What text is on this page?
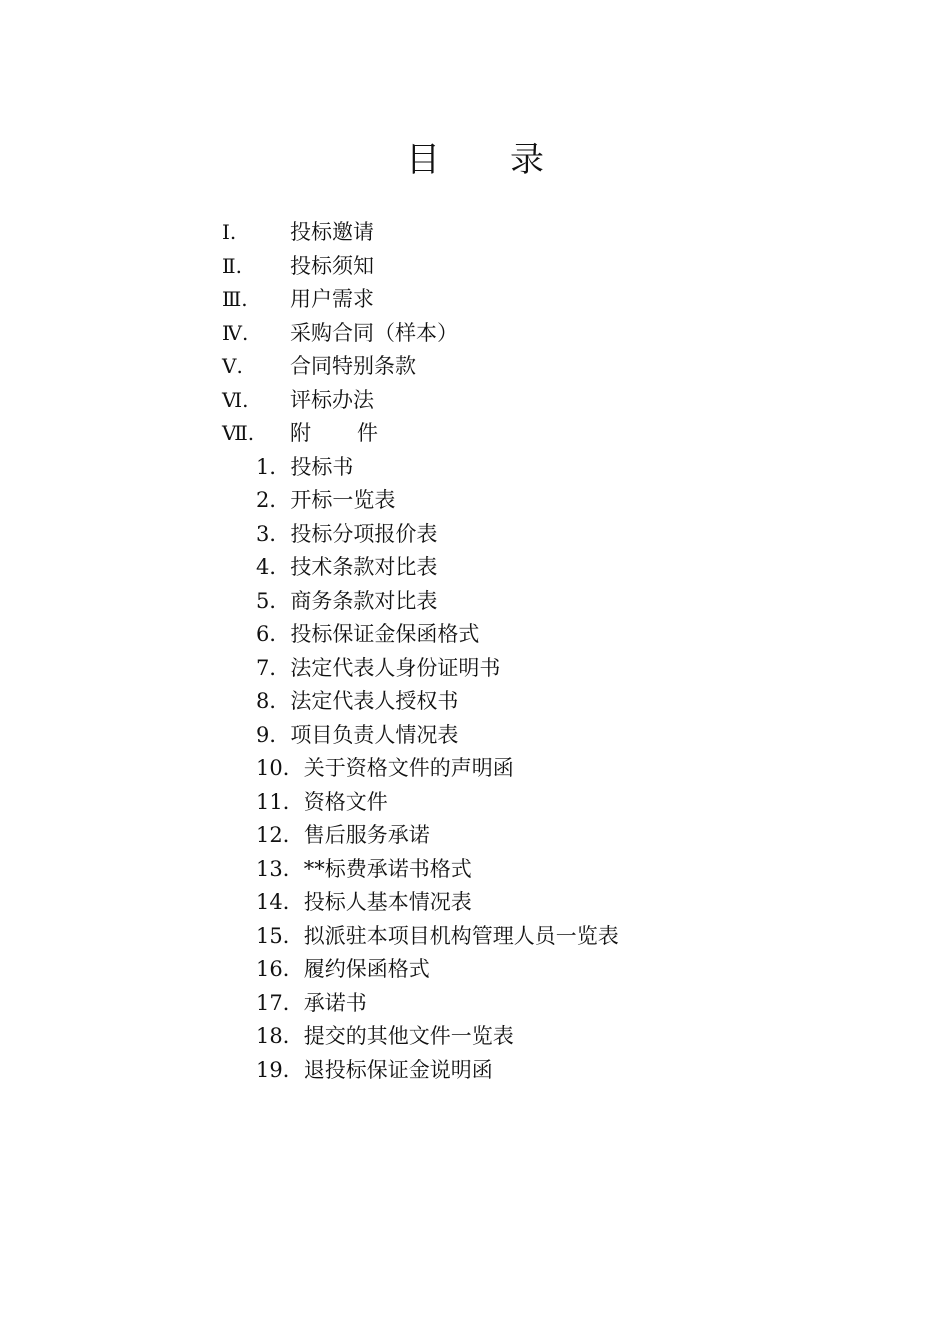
目 录
Ⅰ.	投标邀请
Ⅱ.	投标须知
Ⅲ.	用户需求
Ⅳ.	采购合同（样本）
Ⅴ.	合同特别条款
Ⅵ.	评标办法
Ⅶ.	附 件
1．投标书
2．开标一览表
3．投标分项报价表
4．技术条款对比表
5．商务条款对比表
6．投标保证金保函格式
7．法定代表人身份证明书
8．法定代表人授权书
9．项目负责人情况表
10．关于资格文件的声明函
11．资格文件
12．售后服务承诺
13．**标费承诺书格式
14．投标人基本情况表
15．拟派驻本项目机构管理人员一览表
16．履约保函格式
17．承诺书
18．提交的其他文件一览表
19．退投标保证金说明函
